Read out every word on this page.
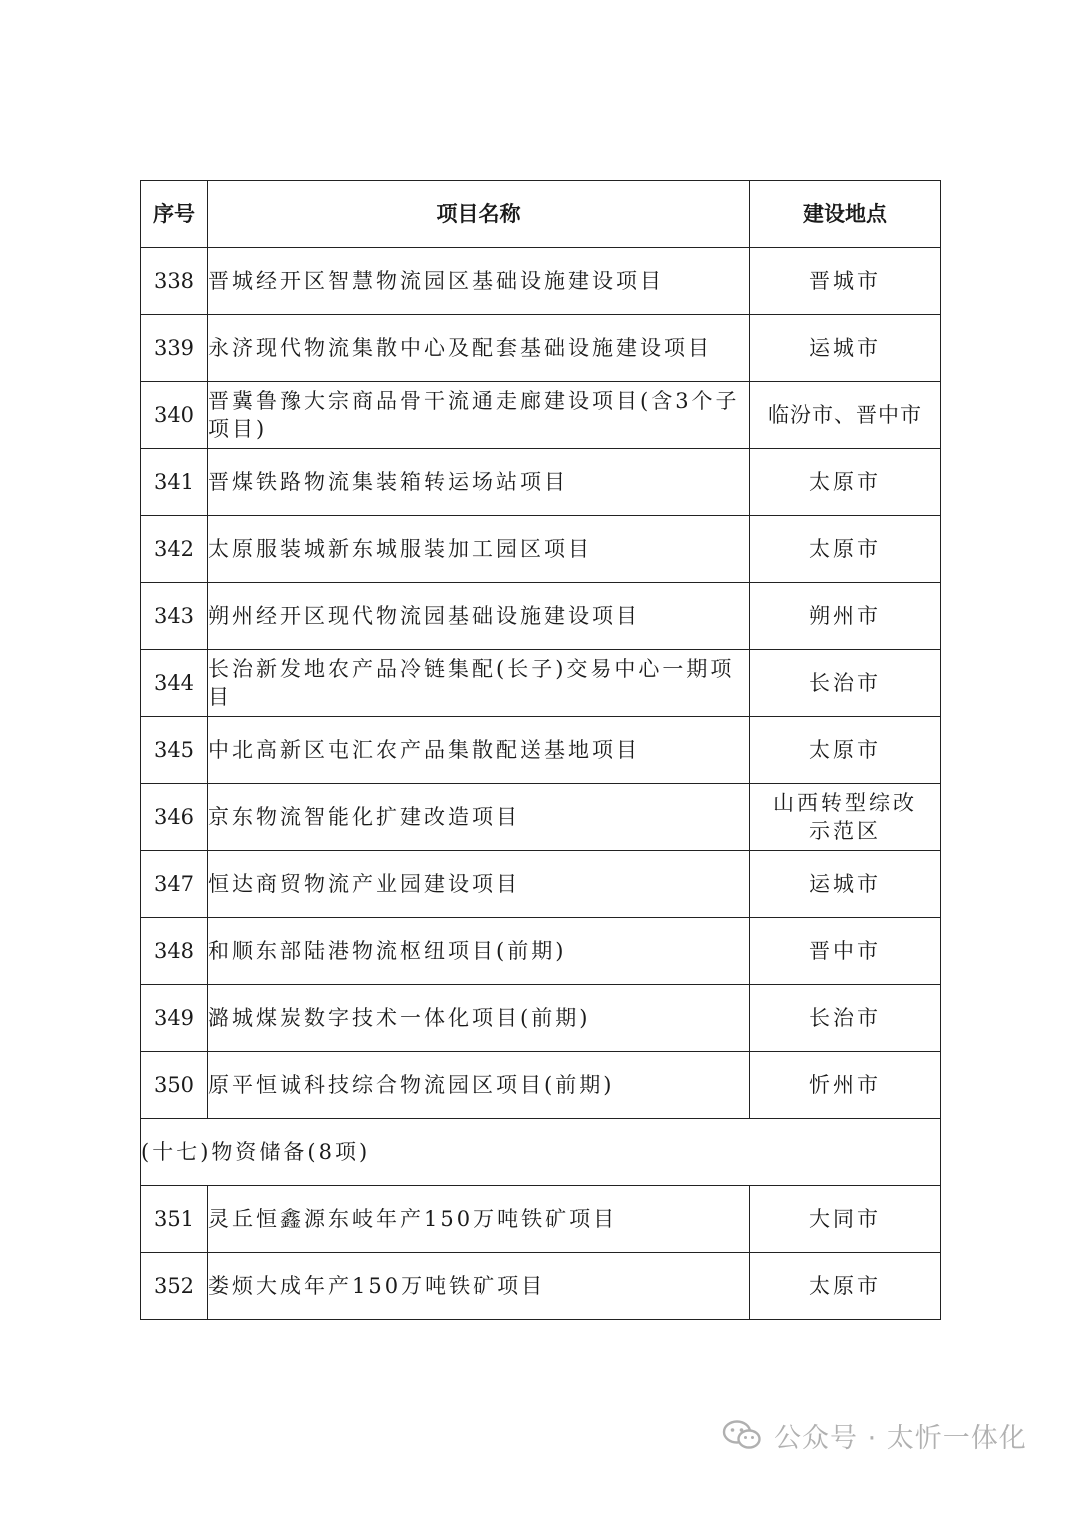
序号	项目名称	建设地点
338	晋城经开区智慧物流园区基础设施建设项目	晋城市
339	永济现代物流集散中心及配套基础设施建设项目	运城市
340	晋冀鲁豫大宗商品骨干流通走廊建设项目(含3个子项目)	临汾市、晋中市
341	晋煤铁路物流集装箱转运场站项目	太原市
342	太原服装城新东城服装加工园区项目	太原市
343	朔州经开区现代物流园基础设施建设项目	朔州市
344	长治新发地农产品冷链集配(长子)交易中心一期项目	长治市
345	中北高新区屯汇农产品集散配送基地项目	太原市
346	京东物流智能化扩建改造项目	山西转型综改示范区
347	恒达商贸物流产业园建设项目	运城市
348	和顺东部陆港物流枢纽项目(前期)	晋中市
349	潞城煤炭数字技术一体化项目(前期)	长治市
350	原平恒诚科技综合物流园区项目(前期)	忻州市
(十七)物资储备(8项)		
351	灵丘恒鑫源东岐年产150万吨铁矿项目	大同市
352	娄烦大成年产150万吨铁矿项目	太原市
公众号 · 太忻一体化
